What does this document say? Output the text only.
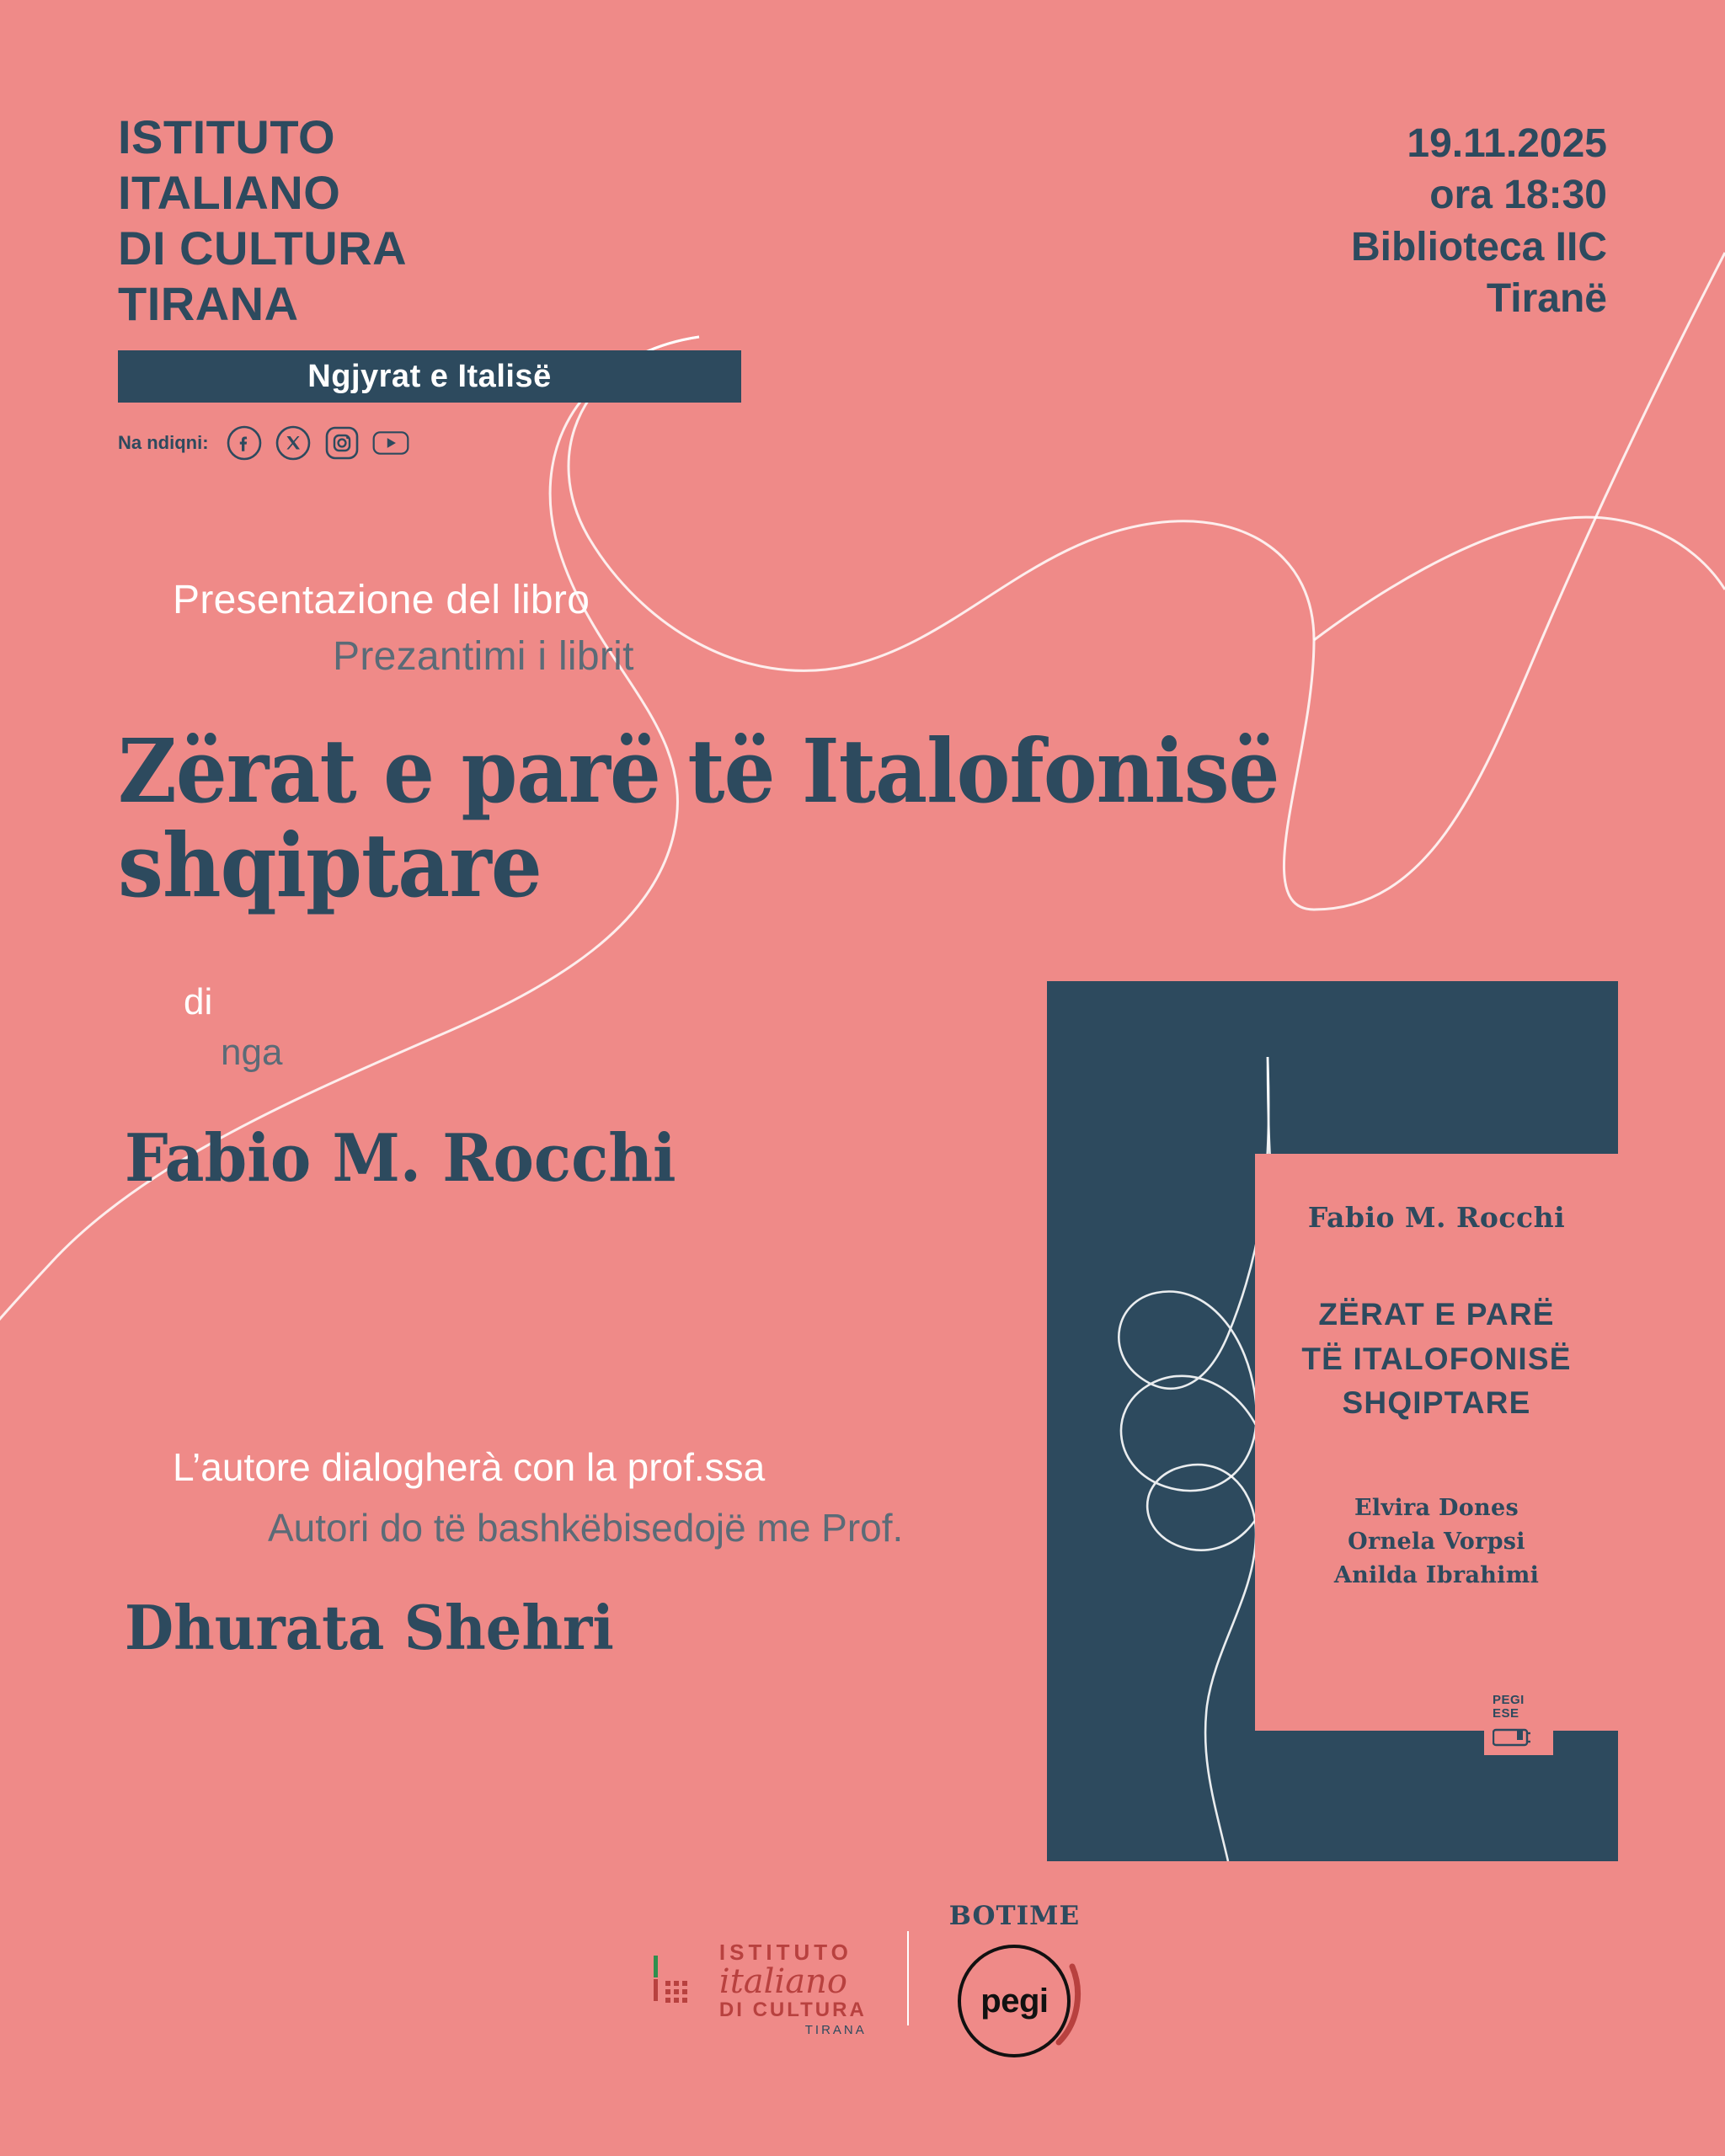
ISTITUTO
ITALIANO
DI CULTURA
TIRANA
Ngjyrat e Italisë
Na ndiqni:
19.11.2025
ora 18:30
Biblioteca IIC
Tiranë
Presentazione del libro
Prezantimi i librit
Zërat e parë të Italofonisë shqiptare
di
nga
Fabio M. Rocchi
L’autore dialogherà con la prof.ssa
Autori do të bashkëbisedojë me Prof.
Dhurata Shehri
Fabio M. Rocchi
ZËRAT E PARË
TË ITALOFONISË
SHQIPTARE
Elvira Dones
Ornela Vorpsi
Anilda Ibrahimi
PEGI
ESE
ISTITUTO
italiano
DI CULTURA
TIRANA
BOTIME
pegi
